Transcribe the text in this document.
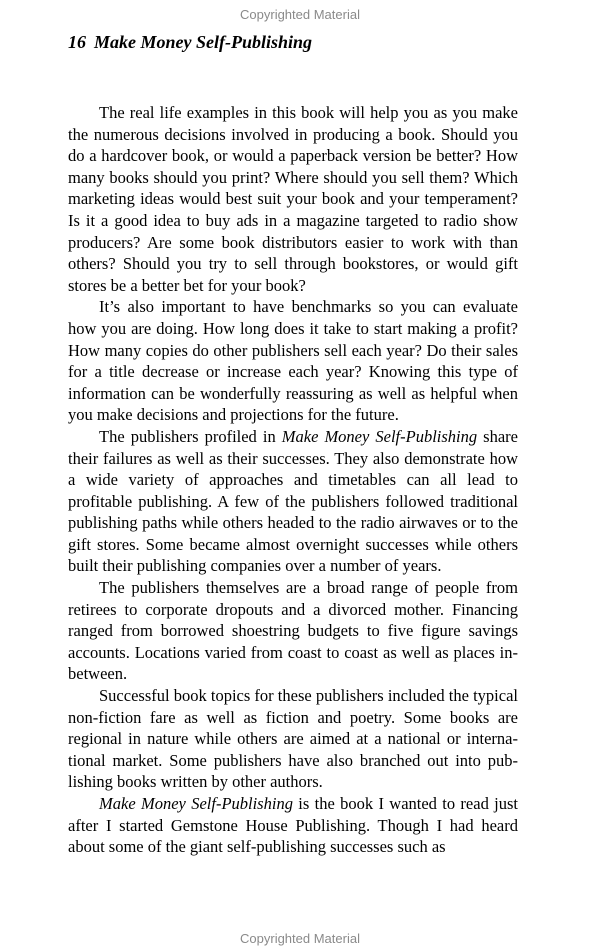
Copyrighted Material
16 Make Money Self-Publishing

The real life examples in this book will help you as you make the numerous decisions involved in producing a book. Should you do a hardcover book, or would a paperback version be better? How many books should you print? Where should you sell them? Which marketing ideas would best suit your book and your temperament? Is it a good idea to buy ads in a magazine targeted to radio show producers? Are some book distributors easier to work with than others? Should you try to sell through bookstores, or would gift stores be a better bet for your book?

It’s also important to have benchmarks so you can evaluate how you are doing. How long does it take to start making a profit? How many copies do other publishers sell each year? Do their sales for a title decrease or increase each year? Knowing this type of information can be wonderfully reassuring as well as helpful when you make decisions and projections for the future.

The publishers profiled in Make Money Self-Publishing share their failures as well as their successes. They also demonstrate how a wide variety of approaches and timetables can all lead to profitable publishing. A few of the publishers followed traditional publishing paths while others headed to the radio airwaves or to the gift stores. Some became almost overnight successes while others built their publishing companies over a number of years.

The publishers themselves are a broad range of people from retirees to corporate dropouts and a divorced mother. Financing ranged from borrowed shoestring budgets to five figure savings accounts. Locations varied from coast to coast as well as places in-between.

Successful book topics for these publishers included the typical non-fiction fare as well as fiction and poetry. Some books are regional in nature while others are aimed at a national or international market. Some publishers have also branched out into publishing books written by other authors.

Make Money Self-Publishing is the book I wanted to read just after I started Gemstone House Publishing. Though I had heard about some of the giant self-publishing successes such as

Copyrighted Material
